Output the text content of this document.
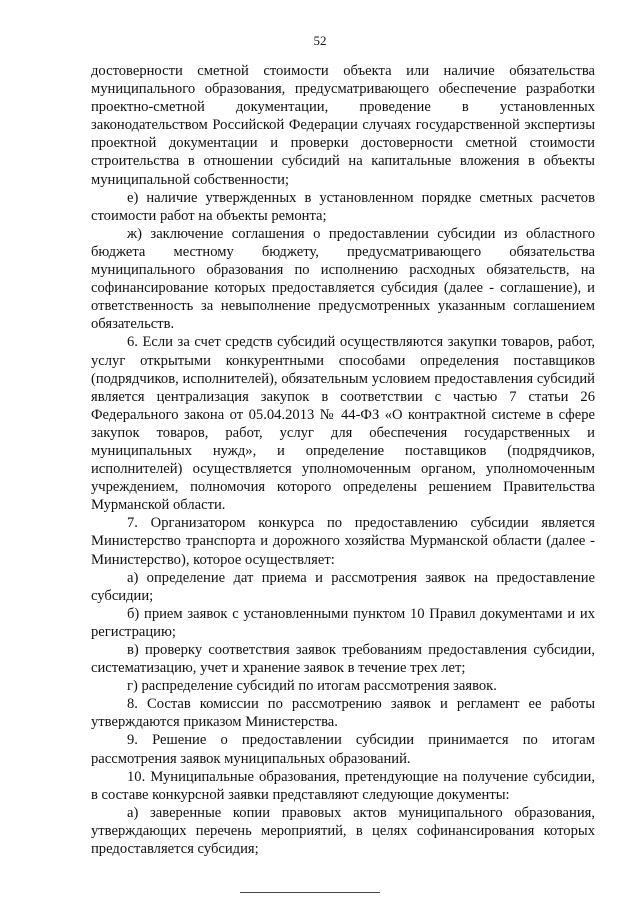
52

достоверности сметной стоимости объекта или наличие обязательства муниципального образования, предусматривающего обеспечение разработки проектно-сметной документации, проведение в установленных законодательством Российской Федерации случаях государственной экспертизы проектной документации и проверки достоверности сметной стоимости строительства в отношении субсидий на капитальные вложения в объекты муниципальной собственности;

е) наличие утвержденных в установленном порядке сметных расчетов стоимости работ на объекты ремонта;

ж) заключение соглашения о предоставлении субсидии из областного бюджета местному бюджету, предусматривающего обязательства муниципального образования по исполнению расходных обязательств, на софинансирование которых предоставляется субсидия (далее - соглашение), и ответственность за невыполнение предусмотренных указанным соглашением обязательств.

6. Если за счет средств субсидий осуществляются закупки товаров, работ, услуг открытыми конкурентными способами определения поставщиков (подрядчиков, исполнителей), обязательным условием предоставления субсидий является централизация закупок в соответствии с частью 7 статьи 26 Федерального закона от 05.04.2013 № 44-ФЗ «О контрактной системе в сфере закупок товаров, работ, услуг для обеспечения государственных и муниципальных нужд», и определение поставщиков (подрядчиков, исполнителей) осуществляется уполномоченным органом, уполномоченным учреждением, полномочия которого определены решением Правительства Мурманской области.

7. Организатором конкурса по предоставлению субсидии является Министерство транспорта и дорожного хозяйства Мурманской области (далее - Министерство), которое осуществляет:

а) определение дат приема и рассмотрения заявок на предоставление субсидии;

б) прием заявок с установленными пунктом 10 Правил документами и их регистрацию;

в) проверку соответствия заявок требованиям предоставления субсидии, систематизацию, учет и хранение заявок в течение трех лет;

г) распределение субсидий по итогам рассмотрения заявок.

8. Состав комиссии по рассмотрению заявок и регламент ее работы утверждаются приказом Министерства.

9. Решение о предоставлении субсидии принимается по итогам рассмотрения заявок муниципальных образований.

10. Муниципальные образования, претендующие на получение субсидии, в составе конкурсной заявки представляют следующие документы:

а) заверенные копии правовых актов муниципального образования, утверждающих перечень мероприятий, в целях софинансирования которых предоставляется субсидия;
